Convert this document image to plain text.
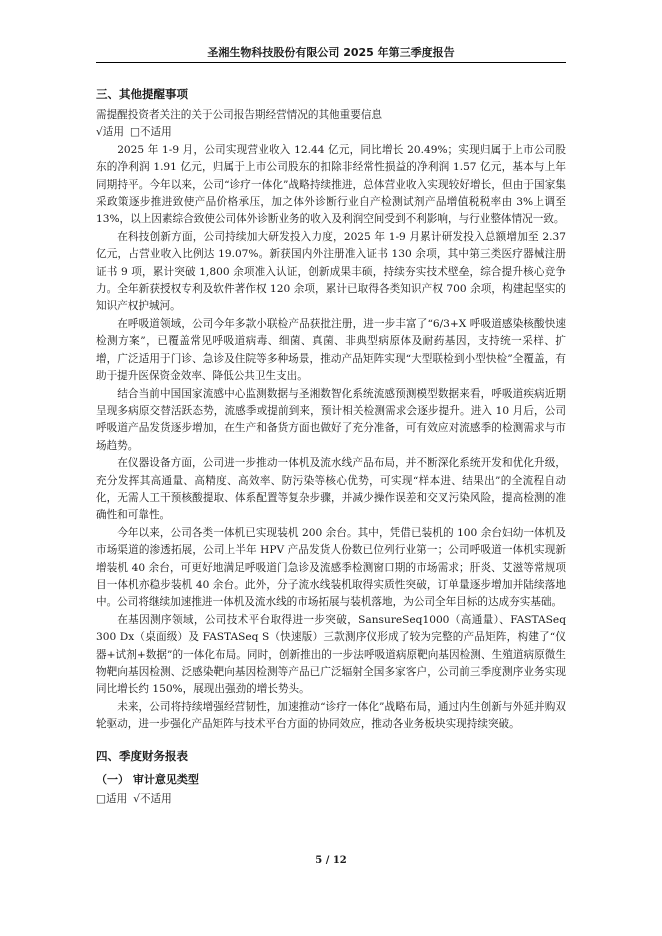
圣湘生物科技股份有限公司 2025 年第三季度报告

三、其他提醒事项

需提醒投资者关注的关于公司报告期经营情况的其他重要信息

√适用 □不适用

2025 年 1-9 月，公司实现营业收入 12.44 亿元，同比增长 20.49%；实现归属于上市公司股东的净利润 1.91 亿元，归属于上市公司股东的扣除非经常性损益的净利润 1.57 亿元，基本与上年同期持平。今年以来，公司“诊疗一体化”战略持续推进，总体营业收入实现较好增长，但由于国家集采政策逐步推进致使产品价格承压，加之体外诊断行业自产检测试剂产品增值税税率由 3%上调至 13%，以上因素综合致使公司体外诊断业务的收入及利润空间受到不利影响，与行业整体情况一致。

在科技创新方面，公司持续加大研发投入力度，2025 年 1-9 月累计研发投入总额增加至 2.37 亿元，占营业收入比例达 19.07%。新获国内外注册准入证书 130 余项，其中第三类医疗器械注册证书 9 项，累计突破 1,800 余项准入认证，创新成果丰硕，持续夯实技术壁垒，综合提升核心竞争力。全年新获授权专利及软件著作权 120 余项，累计已取得各类知识产权 700 余项，构建起坚实的知识产权护城河。

在呼吸道领域，公司今年多款小联检产品获批注册，进一步丰富了“6/3+X 呼吸道感染核酸快速检测方案”，已覆盖常见呼吸道病毒、细菌、真菌、非典型病原体及耐药基因，支持统一采样、扩增，广泛适用于门诊、急诊及住院等多种场景，推动产品矩阵实现“大型联检到小型快检”全覆盖，有助于提升医保资金效率、降低公共卫生支出。

结合当前中国国家流感中心监测数据与圣湘数智化系统流感预测模型数据来看，呼吸道疾病近期呈现多病原交替活跃态势，流感季或提前到来，预计相关检测需求会逐步提升。进入 10 月后，公司呼吸道产品发货逐步增加，在生产和备货方面也做好了充分准备，可有效应对流感季的检测需求与市场趋势。

在仪器设备方面，公司进一步推动一体机及流水线产品布局，并不断深化系统开发和优化升级，充分发挥其高通量、高精度、高效率、防污染等核心优势，可实现“样本进、结果出”的全流程自动化，无需人工干预核酸提取、体系配置等复杂步骤，并减少操作误差和交叉污染风险，提高检测的准确性和可靠性。

今年以来，公司各类一体机已实现装机 200 余台。其中，凭借已装机的 100 余台妇幼一体机及市场渠道的渗透拓展，公司上半年 HPV 产品发货人份数已位列行业第一；公司呼吸道一体机实现新增装机 40 余台，可更好地满足呼吸道门急诊及流感季检测窗口期的市场需求；肝炎、艾滋等常规项目一体机亦稳步装机 40 余台。此外，分子流水线装机取得实质性突破，订单量逐步增加并陆续落地中。公司将继续加速推进一体机及流水线的市场拓展与装机落地，为公司全年目标的达成夯实基础。

在基因测序领域，公司技术平台取得进一步突破，SansureSeq1000（高通量）、FASTASeq 300 Dx（桌面级）及 FASTASeq S（快速版）三款测序仪形成了较为完整的产品矩阵，构建了“仪器+试剂+数据”的一体化布局。同时，创新推出的一步法呼吸道病原靶向基因检测、生殖道病原微生物靶向基因检测、泛感染靶向基因检测等产品已广泛辐射全国多家客户，公司前三季度测序业务实现同比增长约 150%，展现出强劲的增长势头。

未来，公司将持续增强经营韧性，加速推动“诊疗一体化”战略布局，通过内生创新与外延并购双轮驱动，进一步强化产品矩阵与技术平台方面的协同效应，推动各业务板块实现持续突破。

四、季度财务报表

（一） 审计意见类型

□适用 √不适用

5 / 12
